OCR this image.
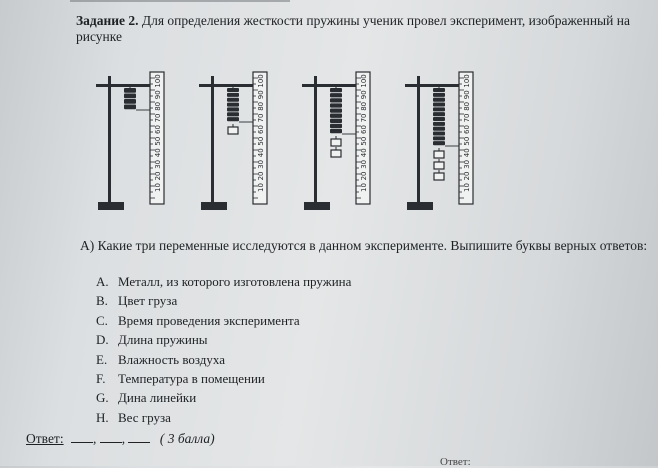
Задание 2. Для определения жесткости пружины ученик провел эксперимент, изображенный на рисунке
10
20
30
40
50
60
70
80
90
100
10
20
30
40
50
60
70
80
90
100
10
20
30
40
50
60
70
80
90
100
10
20
30
40
50
60
70
80
90
100
А) Какие три переменные исследуются в данном эксперименте. Выпишите буквы верных ответов:
A. Металл, из которого изготовлена пружина
B. Цвет груза
C. Время проведения эксперимента
D. Длина пружины
E. Влажность воздуха
F. Температура в помещении
G. Дина линейки
H. Вес груза
Ответ: , ,	( 3 балла)
Ответ:
